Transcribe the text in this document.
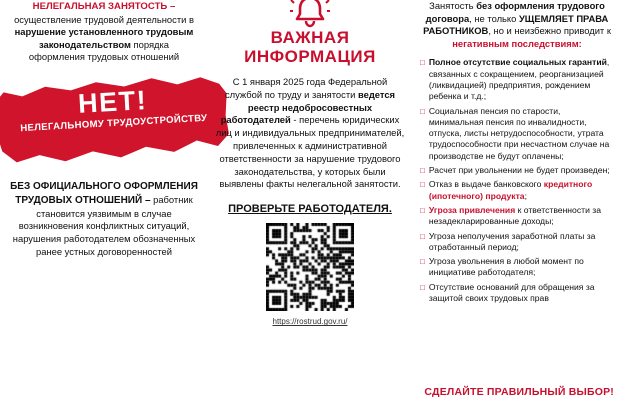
НЕЛЕГАЛЬНАЯ ЗАНЯТОСТЬ – осуществление трудовой деятельности в нарушение установленного трудовым законодательством порядка оформления трудовых отношений
НЕТ!
НЕЛЕГАЛЬНОМУ ТРУДОУСТРОЙСТВУ
БЕЗ ОФИЦИАЛЬНОГО ОФОРМЛЕНИЯ ТРУДОВЫХ ОТНОШЕНИЙ – работник становится уязвимым в случае возникновения конфликтных ситуаций, нарушения работодателем обозначенных ранее устных договоренностей
ВАЖНАЯ ИНФОРМАЦИЯ
С 1 января 2025 года Федеральной службой по труду и занятости ведется реестр недобросовестных работодателей - перечень юридических лиц и индивидуальных предпринимателей, привлеченных к административной ответственности за нарушение трудового законодательства, у которых были выявлены факты нелегальной занятости.
ПРОВЕРЬТЕ РАБОТОДАТЕЛЯ.
https://rostrud.gov.ru/
Занятость без оформления трудового договора, не только УЩЕМЛЯЕТ ПРАВА РАБОТНИКОВ, но и неизбежно приводит к негативным последствиям:
□ Полное отсутствие социальных гарантий, связанных с сокращением, реорганизацией (ликвидацией) предприятия, рождением ребенка и т.д.;
□ Социальная пенсия по старости, минимальная пенсия по инвалидности, отпуска, листы нетрудоспособности, утрата трудоспособности при несчастном случае на производстве не будут оплачены;
□ Расчет при увольнении не будет произведен;
□ Отказ в выдаче банковского кредитного (ипотечного) продукта;
□ Угроза привлечения к ответственности за незадекларированные доходы;
□ Угроза неполучения заработной платы за отработанный период;
□ Угроза увольнения в любой момент по инициативе работодателя;
□ Отсутствие оснований для обращения за защитой своих трудовых прав
СДЕЛАЙТЕ ПРАВИЛЬНЫЙ ВЫБОР!
